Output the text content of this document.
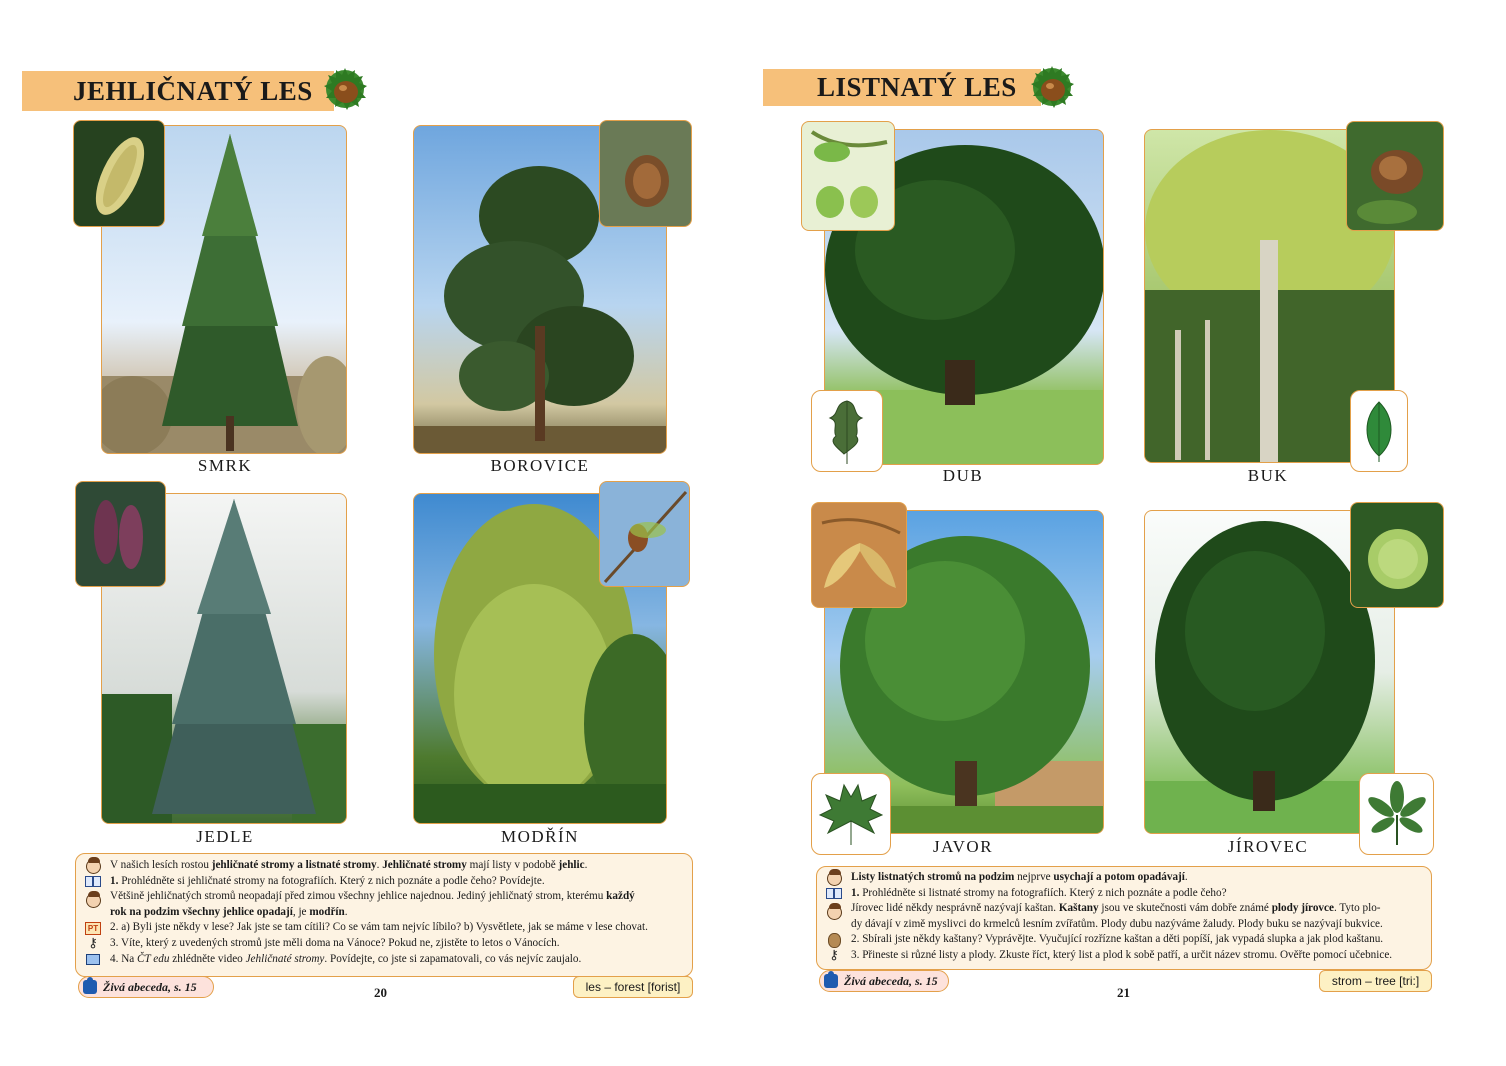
JEHLIČNATÝ LES
SMRK	BOROVICE
JEDLE	MODŘÍN
V našich lesích rostou jehličnaté stromy a listnaté stromy. Jehličnaté stromy mají listy v podobě jehlic.
1. Prohlédněte si jehličnaté stromy na fotografiích. Který z nich poznáte a podle čeho? Povídejte.
Většině jehličnatých stromů neopadají před zimou všechny jehlice najednou. Jediný jehličnatý strom, kterému každý
rok na podzim všechny jehlice opadají, je modřín.
PT 2. a) Byli jste někdy v lese? Jak jste se tam cítili? Co se vám tam nejvíc líbilo? b) Vysvětlete, jak se máme v lese chovat.
⚷ 3. Víte, který z uvedených stromů jste měli doma na Vánoce? Pokud ne, zjistěte to letos o Vánocích.
4. Na ČT edu zhlédněte video Jehličnaté stromy. Povídejte, co jste si zapamatovali, co vás nejvíc zaujalo.
Živá abeceda, s. 15	20	les – forest [forist]
LISTNATÝ LES
DUB	BUK
JAVOR	JÍROVEC
Listy listnatých stromů na podzim nejprve usychají a potom opadávají.
1. Prohlédněte si listnaté stromy na fotografiích. Který z nich poznáte a podle čeho?
Jírovec lidé někdy nesprávně nazývají kaštan. Kaštany jsou ve skutečnosti vám dobře známé plody jírovce. Tyto plo-
dy dávají v zimě myslivci do krmelců lesním zvířatům. Plody dubu nazýváme žaludy. Plody buku se nazývají bukvice.
2. Sbírali jste někdy kaštany? Vyprávějte. Vyučující rozřízne kaštan a děti popíší, jak vypadá slupka a jak plod kaštanu.
⚷ 3. Přineste si různé listy a plody. Zkuste říct, který list a plod k sobě patří, a určit název stromu. Ověřte pomocí učebnice.
Živá abeceda, s. 15
21
strom – tree [tri:]
